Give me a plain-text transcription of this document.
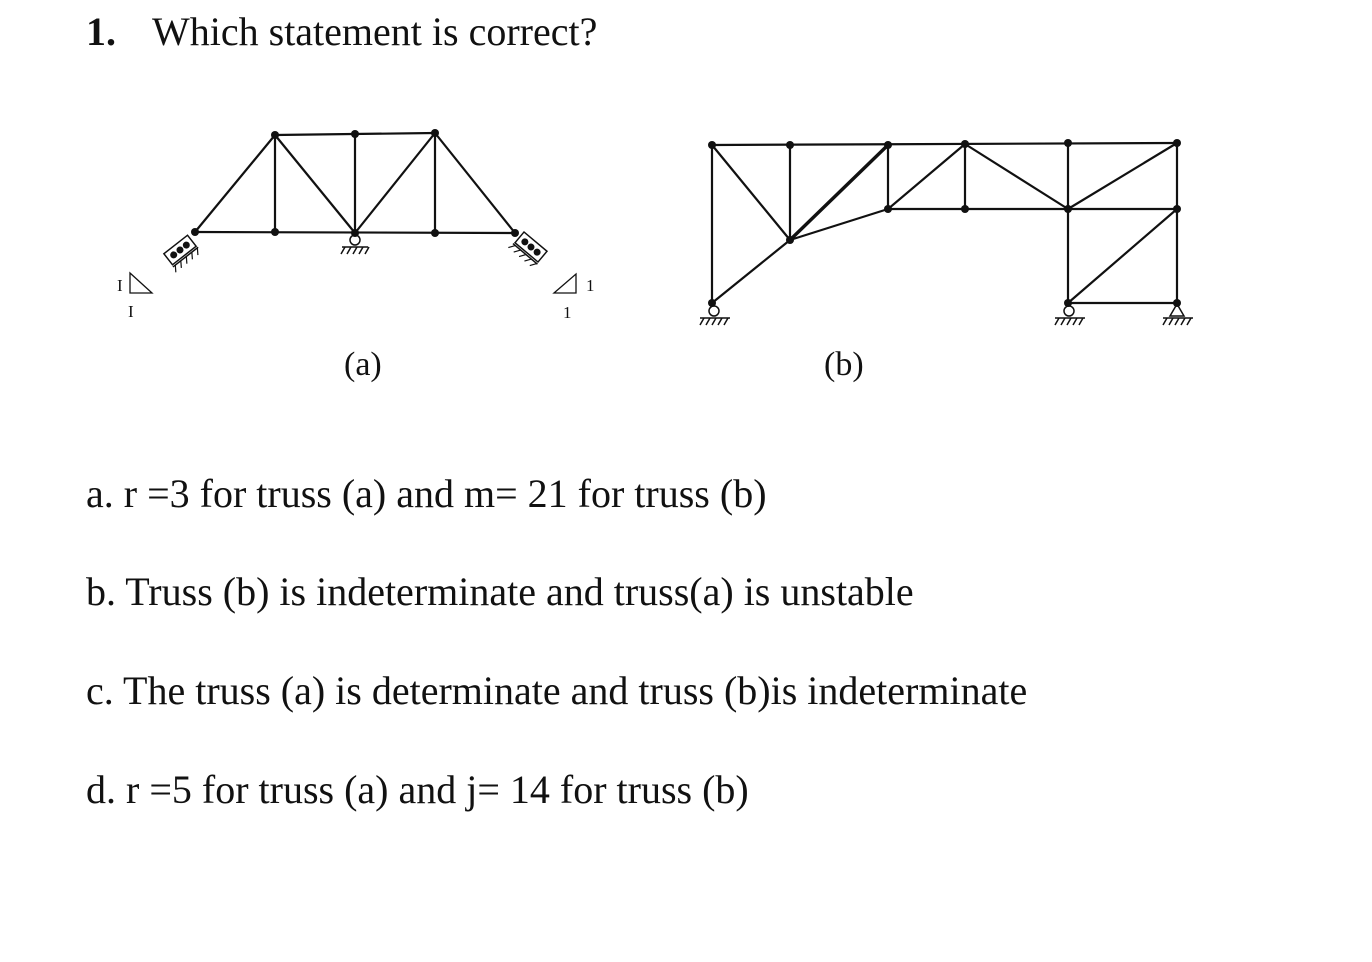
1. Which statement is correct?
I
I
1
1
(a)	(b)
a. r =3 for truss (a) and m= 21 for truss (b)
b. Truss (b) is indeterminate and truss(a) is unstable
c. The truss (a) is determinate and truss (b)is indeterminate
d. r =5 for truss (a) and j= 14 for truss (b)
